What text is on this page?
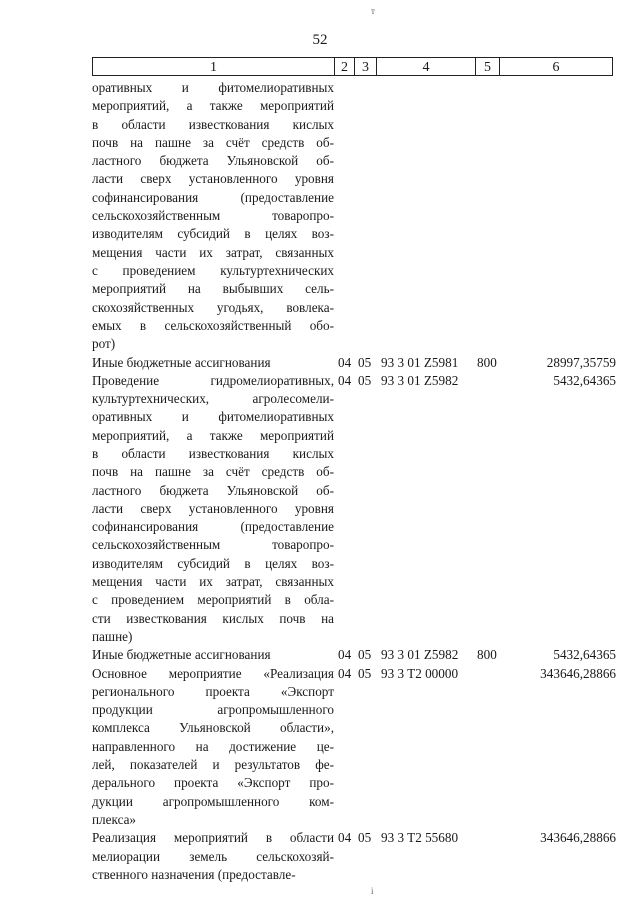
т
52
1	2	3	4	5	6
оративных и фитомелиоративных
мероприятий, а также мероприятий
в области известкования кислых
почв на пашне за счёт средств об-
ластного бюджета Ульяновской об-
ласти сверх установленного уровня
софинансирования (предоставление
сельскохозяйственным товаропро-
изводителям субсидий в целях воз-
мещения части их затрат, связанных
с проведением культуртехнических
мероприятий на выбывших сель-
скохозяйственных угодьях, вовлека-
емых в сельскохозяйственный обо-
рот)
Иные бюджетные ассигнования	04 05 93 3 01 Z5981 800	28997,35759
Проведение гидромелиоративных,
культуртехнических, агролесомели-
оративных и фитомелиоративных
мероприятий, а также мероприятий
в области известкования кислых
почв на пашне за счёт средств об-
ластного бюджета Ульяновской об-
ласти сверх установленного уровня
софинансирования (предоставление
сельскохозяйственным товаропро-
изводителям субсидий в целях воз-
мещения части их затрат, связанных
с проведением мероприятий в обла-
сти известкования кислых почв на
пашне)
04 05 93 3 01 Z5982	5432,64365
Иные бюджетные ассигнования	04 05 93 3 01 Z5982 800	5432,64365
Основное мероприятие «Реализация
регионального проекта «Экспорт
продукции агропромышленного
комплекса Ульяновской области»,
направленного на достижение це-
лей, показателей и результатов фе-
дерального проекта «Экспорт про-
дукции агропромышленного ком-
плекса»
04 05 93 3 T2 00000	343646,28866
Реализация мероприятий в области
мелиорации земель сельскохозяй-
ственного назначения (предоставле-
04 05 93 3 T2 55680	343646,28866
і
